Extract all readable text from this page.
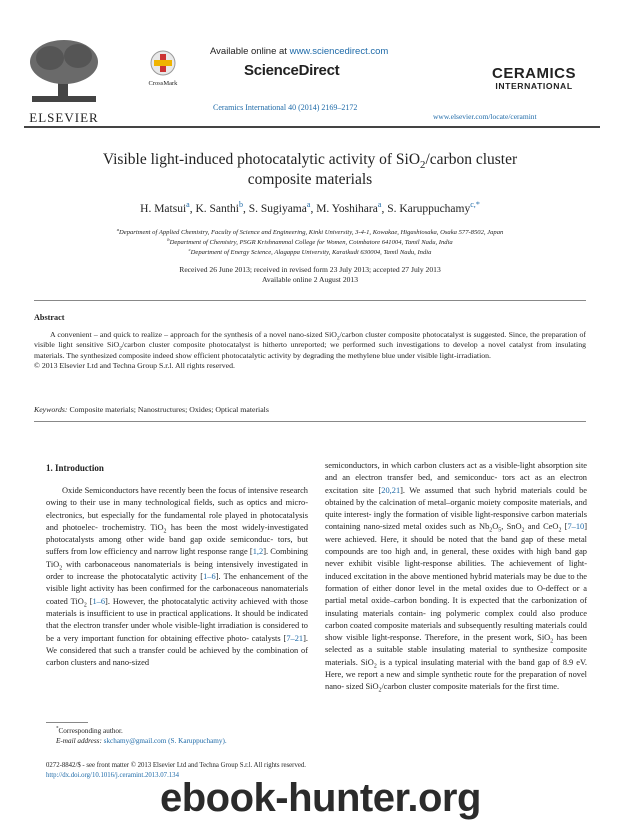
ELSEVIER
Available online at www.sciencedirect.com
CrossMark
ScienceDirect
Ceramics International 40 (2014) 2169–2172
CERAMICS
INTERNATIONAL
www.elsevier.com/locate/ceramint
Visible light-induced photocatalytic activity of SiO$_2$/carbon cluster
composite materials
H. Matsui$^a$, K. Santhi$^b$, S. Sugiyama$^a$, M. Yoshihara$^a$, S. Karuppuchamy$^{c,*}$
$^a$Department of Applied Chemistry, Faculty of Science and Engineering, Kinki University, 3-4-1, Kowakae, Higashiosaka, Osaka 577-8502, Japan
$^b$Department of Chemistry, PSGR Krishnammal College for Women, Coimbatore 641004, Tamil Nadu, India
$^c$Department of Energy Science, Alagappa University, Karaikudi 630004, Tamil Nadu, India
Received 26 June 2013; received in revised form 23 July 2013; accepted 27 July 2013
Available online 2 August 2013
Abstract
A convenient – and quick to realize – approach for the synthesis of a novel nano-sized SiO$_2$/carbon cluster composite photocatalyst is suggested. Since, the preparation of visible light sensitive SiO$_2$/carbon cluster composite photocatalyst is hitherto unreported; we performed such investigations to develop a novel catalyst from insulating materials. The synthesized composite indeed show efficient photocatalytic activity by degrading the methylene blue under visible light-irradiation.
© 2013 Elsevier Ltd and Techna Group S.r.l. All rights reserved.
Keywords: Composite materials; Nanostructures; Oxides; Optical materials
1. Introduction

Oxide Semiconductors have recently been the focus of intensive research owing to their use in many technological fields, such as optics and micro-electronics, but especially for the fundamental role played in photocatalysis and photoelec- trochemistry. TiO$_2$ has been the most widely-investigated photocatalysts among other wide band gap oxide semiconduc- tors, but suffers from low efficiency and narrow light response range [1,2]. Combining TiO$_2$ with carbonaceous nanomaterials is being intensively investigated in order to increase the photocatalytic activity [1–6]. The enhancement of the visible light activity has been confirmed for the carbonaceous nanomaterials coated TiO$_2$ [1–6]. However, the photocatalytic activity achieved with those materials is insufficient to use in practical applications. It should be indicated that the electron transfer under whole visible-light irradiation is considered to be a very important function for obtaining effective photo- catalysts [7–21]. We considered that such a transfer could be achieved by the combination of carbon clusters and nano-sized

*Corresponding author.
E-mail address: skchamy@gmail.com (S. Karuppuchamy).

semiconductors, in which carbon clusters act as a visible-light absorption site and an electron transfer bed, and semiconduc- tors act as an electron excitation site [20,21]. We assumed that such hybrid materials could be obtained by the calcination of metal–organic moiety composite materials, and quite interest- ingly the formation of visible light-responsive carbon materials containing nano-sized metal oxides such as $Nb_2O_5$, SnO$_2$ and CeO$_2$ [7–10] were achieved. Here, it should be noted that the band gap of these metal compounds are too high and, in general, these oxides with high band gap never exhibit visible light-response abilities. The achievement of light-induced excitation in the above mentioned hybrid materials may be due to the formation of either donor level in the metal oxides due to O-deffect or a partial metal oxide–carbon bonding. It is expected that the carbonization of insulating materials contain- ing polymeric complex could also produce carbon coated composite materials and subsequently resulting materials could show visible light-response. Therefore, in the present work, SiO$_2$ has been selected as a suitable stable insulating material to synthesize composite materials. SiO$_2$ is a typical insulating material with the band gap of 8.9 eV. Here, we report a new and simple synthetic route for the preparation of novel nano- sized SiO$_2$/carbon cluster composite materials for the first time.

0272-8842/$ - see front matter © 2013 Elsevier Ltd and Techna Group S.r.l. All rights reserved.
http://dx.doi.org/10.1016/j.ceramint.2013.07.134
ebook-hunter.org
